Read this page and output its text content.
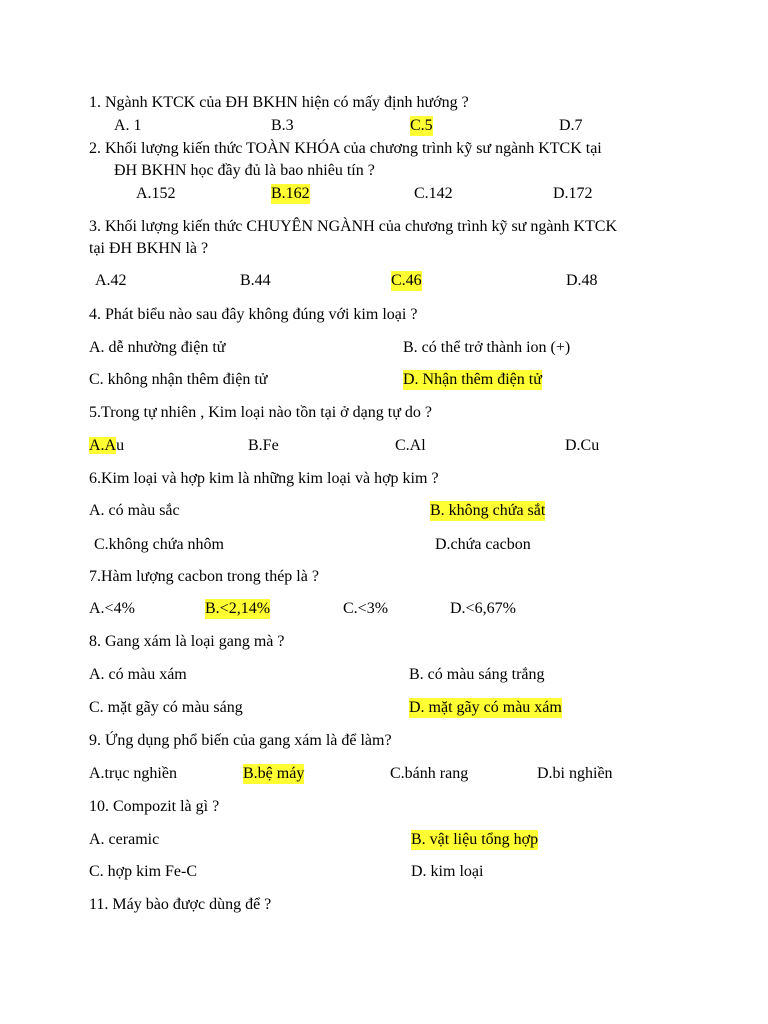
1. Ngành KTCK của ĐH BKHN hiện có mấy định hướng ?
A. 1	B.3	C.5	D.7
2. Khối lượng kiến thức TOÀN KHÓA của chương trình kỹ sư ngành KTCK tại
ĐH BKHN học đầy đủ là bao nhiêu tín ?
A.152	B.162	C.142	D.172
3. Khối lượng kiến thức CHUYÊN NGÀNH của chương trình kỹ sư ngành KTCK
tại ĐH BKHN là ?
A.42	B.44	C.46	D.48
4. Phát biểu nào sau đây không đúng với kim loại ?
A. dễ nhường điện tử	B. có thể trở thành ion (+)
C. không nhận thêm điện tử	D. Nhận thêm điện tử
5.Trong tự nhiên , Kim loại nào tồn tại ở dạng tự do ?
A.Au	B.Fe	C.Al	D.Cu
6.Kim loại và hợp kim là những kim loại và hợp kim ?
A. có màu sắc	B. không chứa sắt
C.không chứa nhôm	D.chứa cacbon
7.Hàm lượng cacbon trong thép là ?
A.<4%	B.<2,14%	C.<3%	D.<6,67%
8. Gang xám là loại gang mà ?
A. có màu xám	B. có màu sáng trắng
C. mặt gãy có màu sáng	D. mặt gãy có màu xám
9. Ứng dụng phổ biến của gang xám là để làm?
A.trục nghiền	B.bệ máy	C.bánh rang	D.bi nghiền
10. Compozit là gì ?
A. ceramic	B. vật liệu tổng hợp
C. hợp kim Fe-C	D. kim loại
11. Máy bào được dùng để ?
